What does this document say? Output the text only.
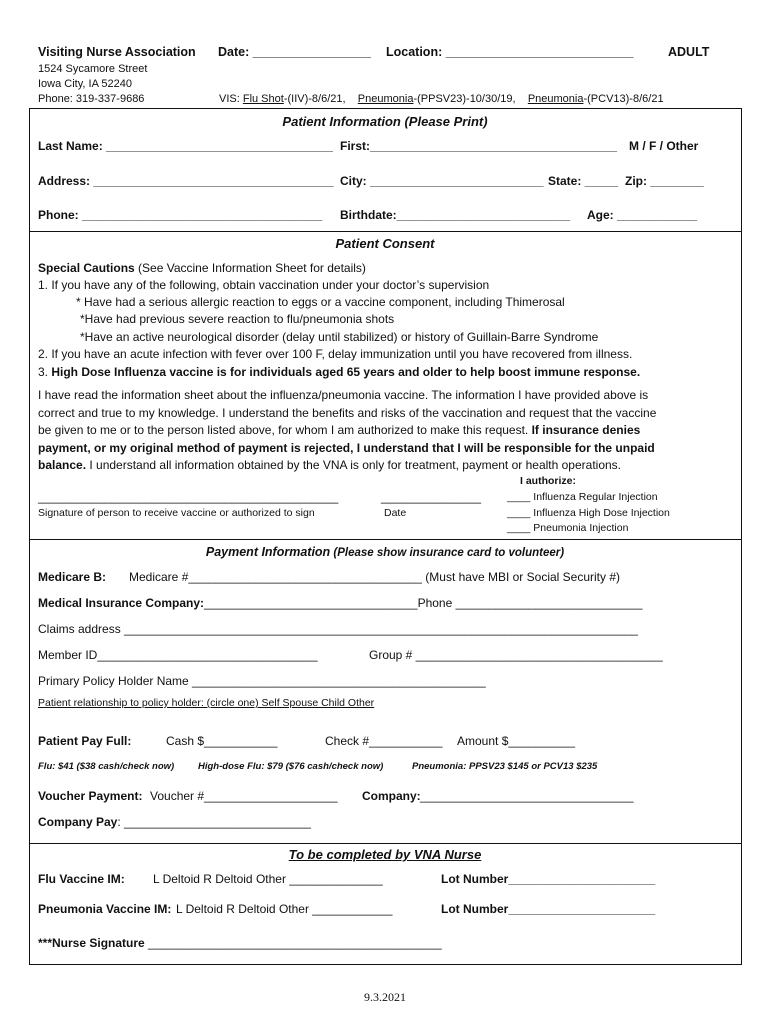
Visiting Nurse Association
1524 Sycamore Street
Iowa City, IA 52240
Phone: 319-337-9686
Date: _________________ Location: ___________________________	ADULT
VIS: Flu Shot-(IIV)-8/6/21, Pneumonia-(PPSV23)-10/30/19, Pneumonia-(PCV13)-8/6/21
Patient Information (Please Print)
Last Name: __________________________________ First:_____________________________________ M / F / Other
Address: ____________________________________ City: __________________________ State: _____ Zip: ________
Phone: ____________________________________ Birthdate:__________________________ Age: ____________
Patient Consent
Special Cautions (See Vaccine Information Sheet for details)
1. If you have any of the following, obtain vaccination under your doctor’s supervision
* Have had a serious allergic reaction to eggs or a vaccine component, including Thimerosal
*Have had previous severe reaction to flu/pneumonia shots
*Have an active neurological disorder (delay until stabilized) or history of Guillain-Barre Syndrome
2. If you have an acute infection with fever over 100 F, delay immunization until you have recovered from illness.
3. High Dose Influenza vaccine is for individuals aged 65 years and older to help boost immune response.
I have read the information sheet about the influenza/pneumonia vaccine. The information I have provided above is
correct and true to my knowledge. I understand the benefits and risks of the vaccination and request that the vaccine
be given to me or to the person listed above, for whom I am authorized to make this request. If insurance denies
payment, or my original method of payment is rejected, I understand that I will be responsible for the unpaid
balance. I understand all information obtained by the VNA is only for treatment, payment or health operations.
I authorize:
_____________________________________________	_______________ ____ Influenza Regular Injection
Signature of person to receive vaccine or authorized to sign	Date	____ Influenza High Dose Injection
____ Pneumonia Injection
Payment Information (Please show insurance card to volunteer)
Medicare B: Medicare #___________________________________ (Must have MBI or Social Security #)
Medical Insurance Company: ________________________________Phone ____________________________
Claims address _____________________________________________________________________________
Member ID_________________________________	Group # _____________________________________
Primary Policy Holder Name ____________________________________________
Patient relationship to policy holder: (circle one) Self Spouse Child Other
Patient Pay Full:	Cash $___________	Check #___________ Amount $__________
Flu: $41 ($38 cash/check now)	High-dose Flu: $79 ($76 cash/check now)	Pneumonia: PPSV23 $145 or PCV13 $235
Voucher Payment: Voucher #____________________ Company: ________________________________
Company Pay: ____________________________
To be completed by VNA Nurse
Flu Vaccine IM: L Deltoid R Deltoid Other ______________	Lot Number______________________
Pneumonia Vaccine IM: L Deltoid R Deltoid Other ____________	Lot Number______________________
***Nurse Signature ____________________________________________
9.3.2021
